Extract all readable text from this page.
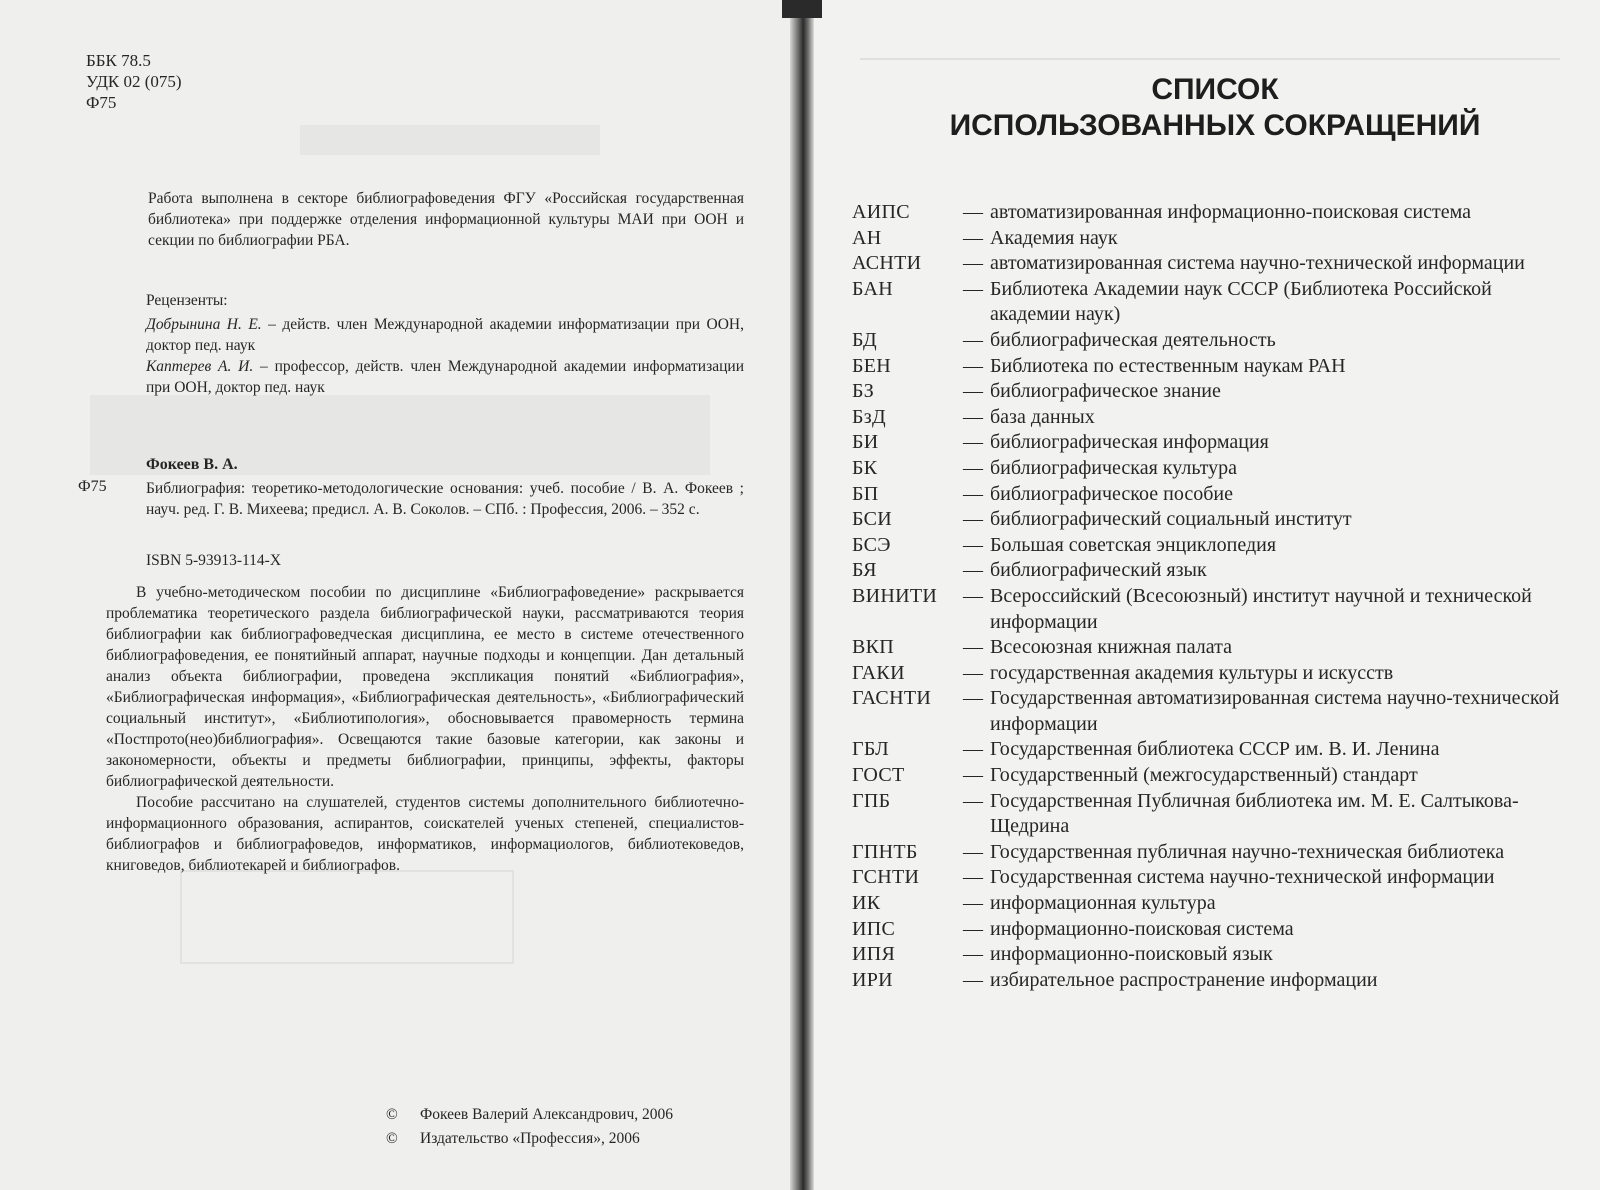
ББК 78.5
УДК 02 (075)
Ф75
Работа выполнена в секторе библиографоведения ФГУ «Российская государственная библиотека» при поддержке отделения информационной культуры МАИ при ООН и секции по библиографии РБА.
Рецензенты:
Добрынина Н. Е. – действ. член Международной академии информатизации при ООН, доктор пед. наук
Каптерев А. И. – профессор, действ. член Международной академии информатизации при ООН, доктор пед. наук
Фокеев В. А.
Ф75	Библиография: теоретико-методологические основания: учеб. пособие / В. А. Фокеев ; науч. ред. Г. В. Михеева; предисл. А. В. Соколов. – СПб. : Профессия, 2006. – 352 с.
ISBN 5-93913-114-X

В учебно-методическом пособии по дисциплине «Библиографоведение» раскрывается проблематика теоретического раздела библиографической науки, рассматриваются теория библиографии как библиографоведческая дисциплина, ее место в системе отечественного библиографоведения, ее понятийный аппарат, научные подходы и концепции. Дан детальный анализ объекта библиографии, проведена экспликация понятий «Библиография», «Библиографическая информация», «Библиографическая деятельность», «Библиографический социальный институт», «Библиотипология», обосновывается правомерность термина «Постпрото(нео)библиография». Освещаются такие базовые категории, как законы и закономерности, объекты и предметы библиографии, принципы, эффекты, факторы библиографической деятельности.

Пособие рассчитано на слушателей, студентов системы дополнительного библиотечно-информационного образования, аспирантов, соискателей ученых степеней, специалистов-библиографов и библиографоведов, информатиков, информациологов, библиотековедов, книговедов, библиотекарей и библиографов.

© Фокеев Валерий Александрович, 2006
© Издательство «Профессия», 2006
СПИСОК
ИСПОЛЬЗОВАННЫХ СОКРАЩЕНИЙ
АИПС	— автоматизированная информационно-поисковая система
АН	— Академия наук
АСНТИ	— автоматизированная система научно-технической информации
БАН	— Библиотека Академии наук СССР (Библиотека Российской академии наук)
БД	— библиографическая деятельность
БЕН	— Библиотека по естественным наукам РАН
БЗ	— библиографическое знание
БзД	— база данных
БИ	— библиографическая информация
БК	— библиографическая культура
БП	— библиографическое пособие
БСИ	— библиографический социальный институт
БСЭ	— Большая советская энциклопедия
БЯ	— библиографический язык
ВИНИТИ	— Всероссийский (Всесоюзный) институт научной и технической информации
ВКП	— Всесоюзная книжная палата
ГАКИ	— государственная академия культуры и искусств
ГАСНТИ	— Государственная автоматизированная система научно-технической информации
ГБЛ	— Государственная библиотека СССР им. В. И. Ленина
ГОСТ	— Государственный (межгосударственный) стандарт
ГПБ	— Государственная Публичная библиотека им. М. Е. Салтыкова-Щедрина
ГПНТБ	— Государственная публичная научно-техническая библиотека
ГСНТИ	— Государственная система научно-технической информации
ИК	— информационная культура
ИПС	— информационно-поисковая система
ИПЯ	— информационно-поисковый язык
ИРИ	— избирательное распространение информации
